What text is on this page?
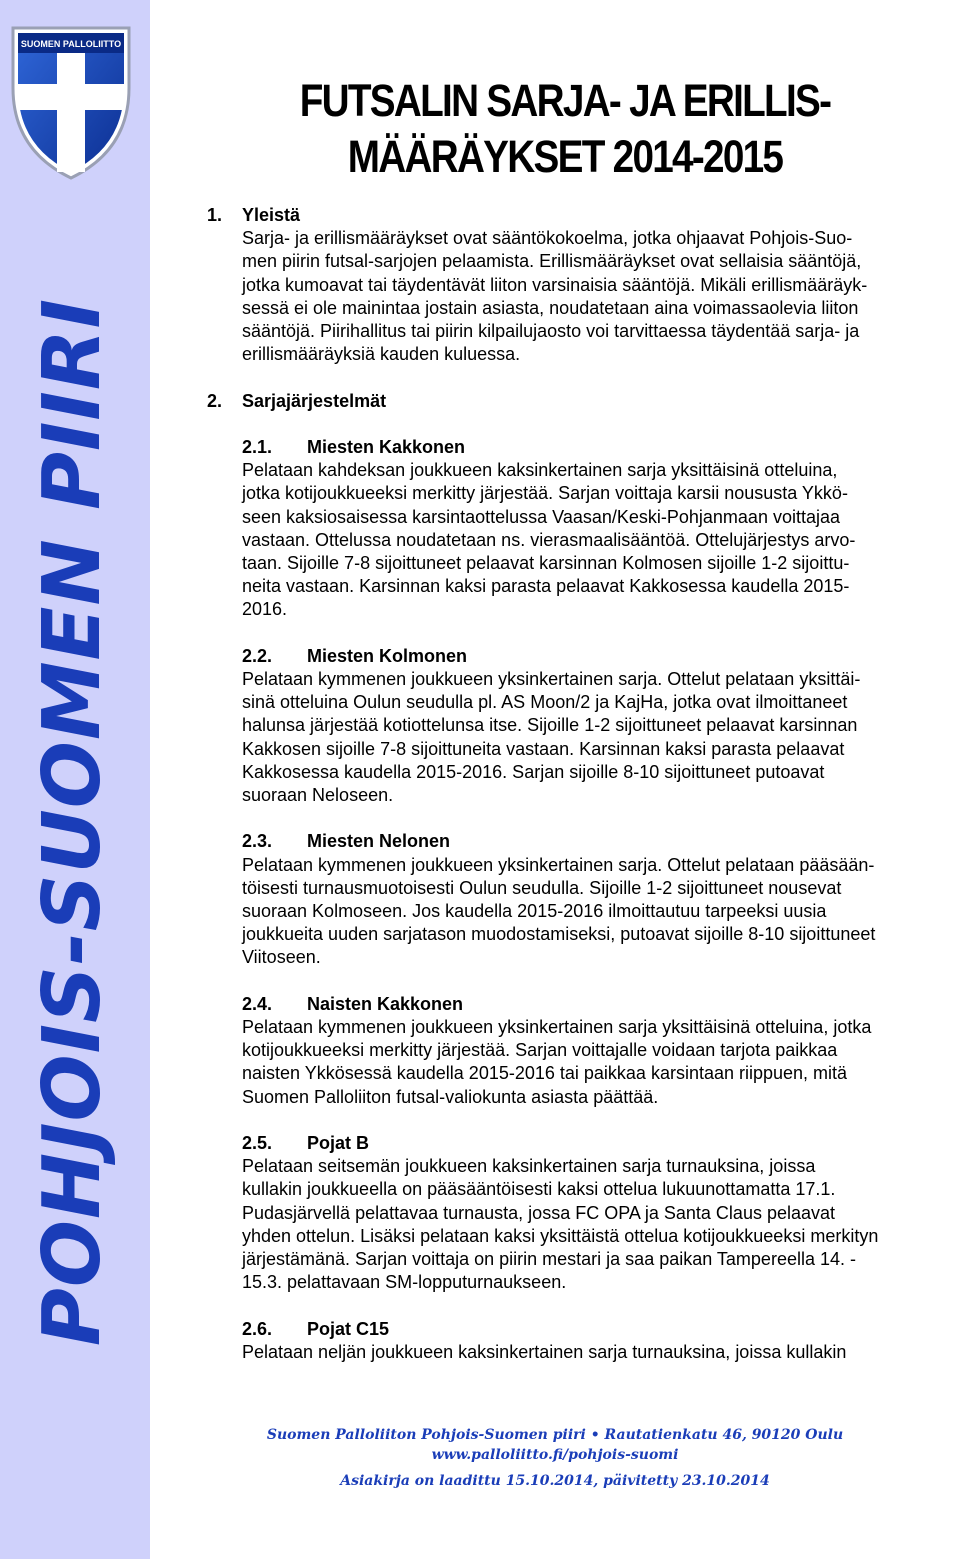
SUOMEN PALLOLIITTO
POHJOIS-SUOMEN PIIRI
FUTSALIN SARJA- JA ERILLIS-
MÄÄRÄYKSET 2014-2015

1. Yleistä

Sarja- ja erillismääräykset ovat sääntökokoelma, jotka ohjaavat Pohjois-Suo-
men piirin futsal-sarjojen pelaamista. Erillismääräykset ovat sellaisia sääntöjä,
jotka kumoavat tai täydentävät liiton varsinaisia sääntöjä. Mikäli erillismääräyk-
sessä ei ole mainintaa jostain asiasta, noudatetaan aina voimassaolevia liiton
sääntöjä. Piirihallitus tai piirin kilpailujaosto voi tarvittaessa täydentää sarja- ja
erillismääräyksiä kauden kuluessa.

2. Sarjajärjestelmät

2.1. Miesten Kakkonen

Pelataan kahdeksan joukkueen kaksinkertainen sarja yksittäisinä otteluina,
jotka kotijoukkueeksi merkitty järjestää. Sarjan voittaja karsii noususta Ykkö-
seen kaksiosaisessa karsintaottelussa Vaasan/Keski-Pohjanmaan voittajaa
vastaan. Ottelussa noudatetaan ns. vierasmaalisääntöä. Ottelujärjestys arvo-
taan. Sijoille 7-8 sijoittuneet pelaavat karsinnan Kolmosen sijoille 1-2 sijoittu-
neita vastaan. Karsinnan kaksi parasta pelaavat Kakkosessa kaudella 2015-
2016.

2.2. Miesten Kolmonen

Pelataan kymmenen joukkueen yksinkertainen sarja. Ottelut pelataan yksittäi-
sinä otteluina Oulun seudulla pl. AS Moon/2 ja KajHa, jotka ovat ilmoittaneet
halunsa järjestää kotiottelunsa itse. Sijoille 1-2 sijoittuneet pelaavat karsinnan
Kakkosen sijoille 7-8 sijoittuneita vastaan. Karsinnan kaksi parasta pelaavat
Kakkosessa kaudella 2015-2016. Sarjan sijoille 8-10 sijoittuneet putoavat
suoraan Neloseen.

2.3. Miesten Nelonen

Pelataan kymmenen joukkueen yksinkertainen sarja. Ottelut pelataan pääsään-
töisesti turnausmuotoisesti Oulun seudulla. Sijoille 1-2 sijoittuneet nousevat
suoraan Kolmoseen. Jos kaudella 2015-2016 ilmoittautuu tarpeeksi uusia
joukkueita uuden sarjatason muodostamiseksi, putoavat sijoille 8-10 sijoittuneet
Viitoseen.

2.4. Naisten Kakkonen

Pelataan kymmenen joukkueen yksinkertainen sarja yksittäisinä otteluina, jotka
kotijoukkueeksi merkitty järjestää. Sarjan voittajalle voidaan tarjota paikkaa
naisten Ykkösessä kaudella 2015-2016 tai paikkaa karsintaan riippuen, mitä
Suomen Palloliiton futsal-valiokunta asiasta päättää.

2.5. Pojat B

Pelataan seitsemän joukkueen kaksinkertainen sarja turnauksina, joissa
kullakin joukkueella on pääsääntöisesti kaksi ottelua lukuunottamatta 17.1.
Pudasjärvellä pelattavaa turnausta, jossa FC OPA ja Santa Claus pelaavat
yhden ottelun. Lisäksi pelataan kaksi yksittäistä ottelua kotijoukkueeksi merkityn
järjestämänä. Sarjan voittaja on piirin mestari ja saa paikan Tampereella 14. -
15.3. pelattavaan SM-lopputurnaukseen.

2.6. Pojat C15

Pelataan neljän joukkueen kaksinkertainen sarja turnauksina, joissa kullakin
Suomen Palloliiton Pohjois-Suomen piiri • Rautatienkatu 46, 90120 Oulu
www.palloliitto.fi/pohjois-suomi
Asiakirja on laadittu 15.10.2014, päivitetty 23.10.2014
